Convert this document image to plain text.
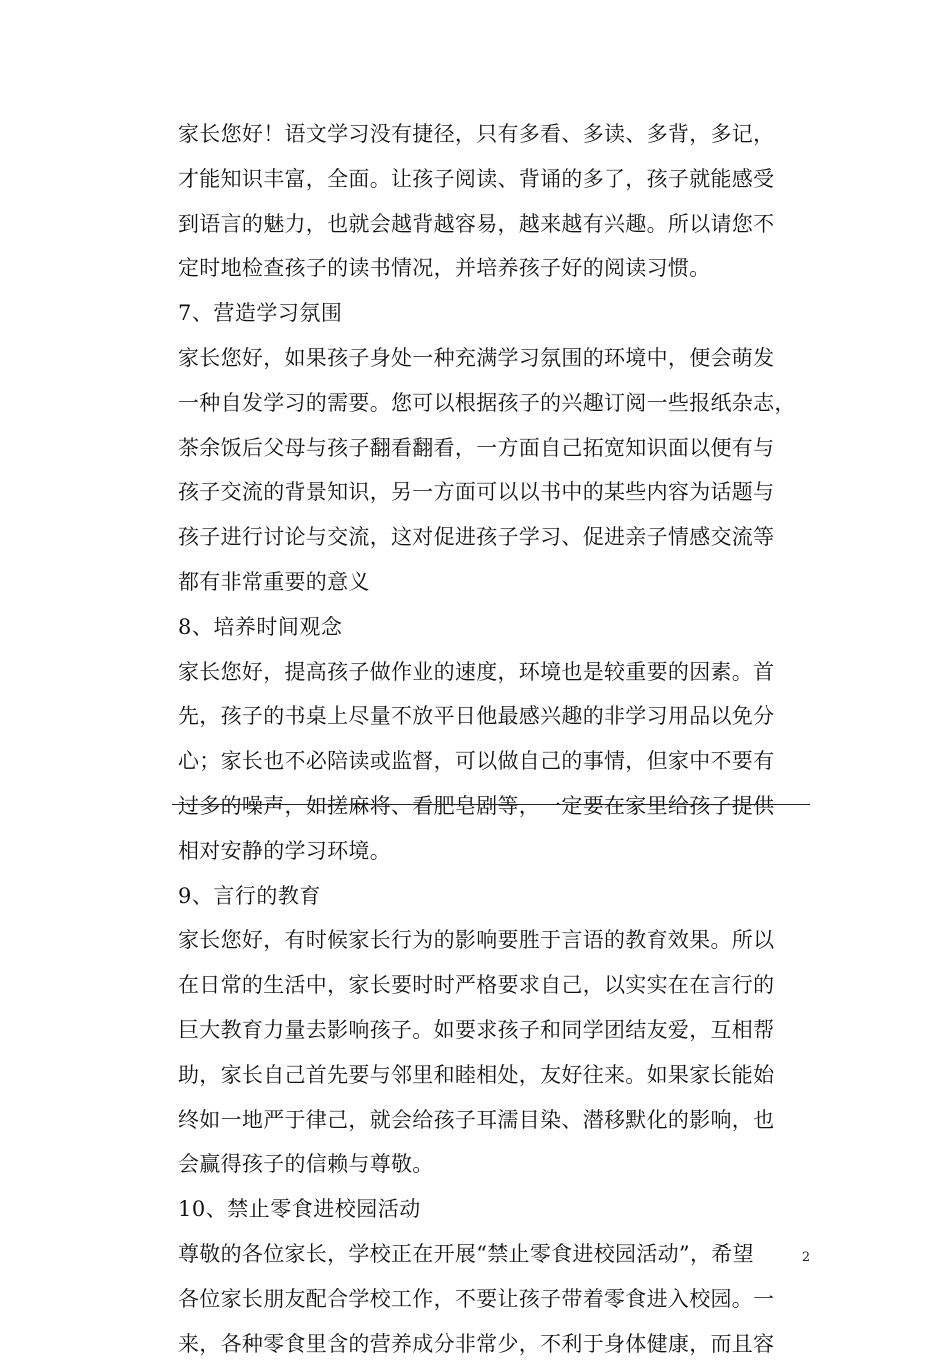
家长您好！语文学习没有捷径，只有多看、多读、多背，多记，
才能知识丰富，全面。让孩子阅读、背诵的多了，孩子就能感受
到语言的魅力，也就会越背越容易，越来越有兴趣。所以请您不
定时地检查孩子的读书情况，并培养孩子好的阅读习惯。
7、营造学习氛围
家长您好，如果孩子身处一种充满学习氛围的环境中，便会萌发
一种自发学习的需要。您可以根据孩子的兴趣订阅一些报纸杂志，
茶余饭后父母与孩子翻看翻看，一方面自己拓宽知识面以便有与
孩子交流的背景知识，另一方面可以以书中的某些内容为话题与
孩子进行讨论与交流，这对促进孩子学习、促进亲子情感交流等
都有非常重要的意义
8、培养时间观念
家长您好，提高孩子做作业的速度，环境也是较重要的因素。首
先，孩子的书桌上尽量不放平日他最感兴趣的非学习用品以免分
心；家长也不必陪读或监督，可以做自己的事情，但家中不要有
过多的噪声，如搓麻将、看肥皂剧等，一定要在家里给孩子提供
相对安静的学习环境。
9、言行的教育
家长您好，有时候家长行为的影响要胜于言语的教育效果。所以
在日常的生活中，家长要时时严格要求自己，以实实在在言行的
巨大教育力量去影响孩子。如要求孩子和同学团结友爱，互相帮
助，家长自己首先要与邻里和睦相处，友好往来。如果家长能始
终如一地严于律己，就会给孩子耳濡目染、潜移默化的影响，也
会赢得孩子的信赖与尊敬。
10、禁止零食进校园活动
尊敬的各位家长，学校正在开展“禁止零食进校园活动”，希望
各位家长朋友配合学校工作，不要让孩子带着零食进入校园。一
来，各种零食里含的营养成分非常少，不利于身体健康，而且容
2
